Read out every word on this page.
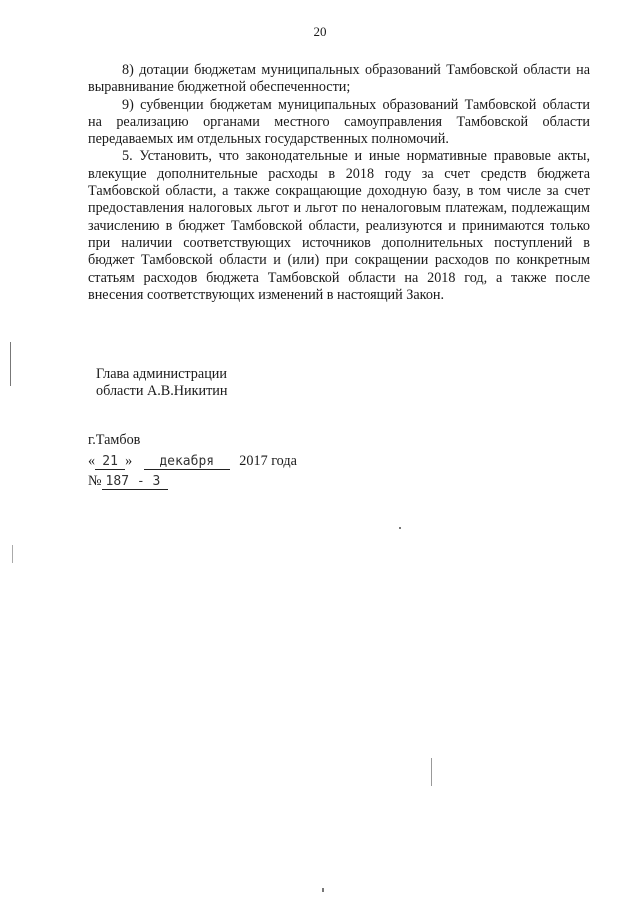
20

8) дотации бюджетам муниципальных образований Тамбовской области на выравнивание бюджетной обеспеченности;

9) субвенции бюджетам муниципальных образований Тамбовской области на реализацию органами местного самоуправления Тамбовской области передаваемых им отдельных государственных полномочий.

5. Установить, что законодательные и иные нормативные правовые акты, влекущие дополнительные расходы в 2018 году за счет средств бюджета Тамбовской области, а также сокращающие доходную базу, в том числе за счет предоставления налоговых льгот и льгот по неналоговым платежам, подлежащим зачислению в бюджет Тамбовской области, реализуются и принимаются только при наличии соответствующих источников дополнительных поступлений в бюджет Тамбовской области и (или) при сокращении расходов по конкретным статьям расходов бюджета Тамбовской области на 2018 год, а также после внесения соответствующих изменений в настоящий Закон.

Глава администрации
области А.В.Никитин
г.Тамбов
« 21 » декабря 2017 года
№ 187 - З
